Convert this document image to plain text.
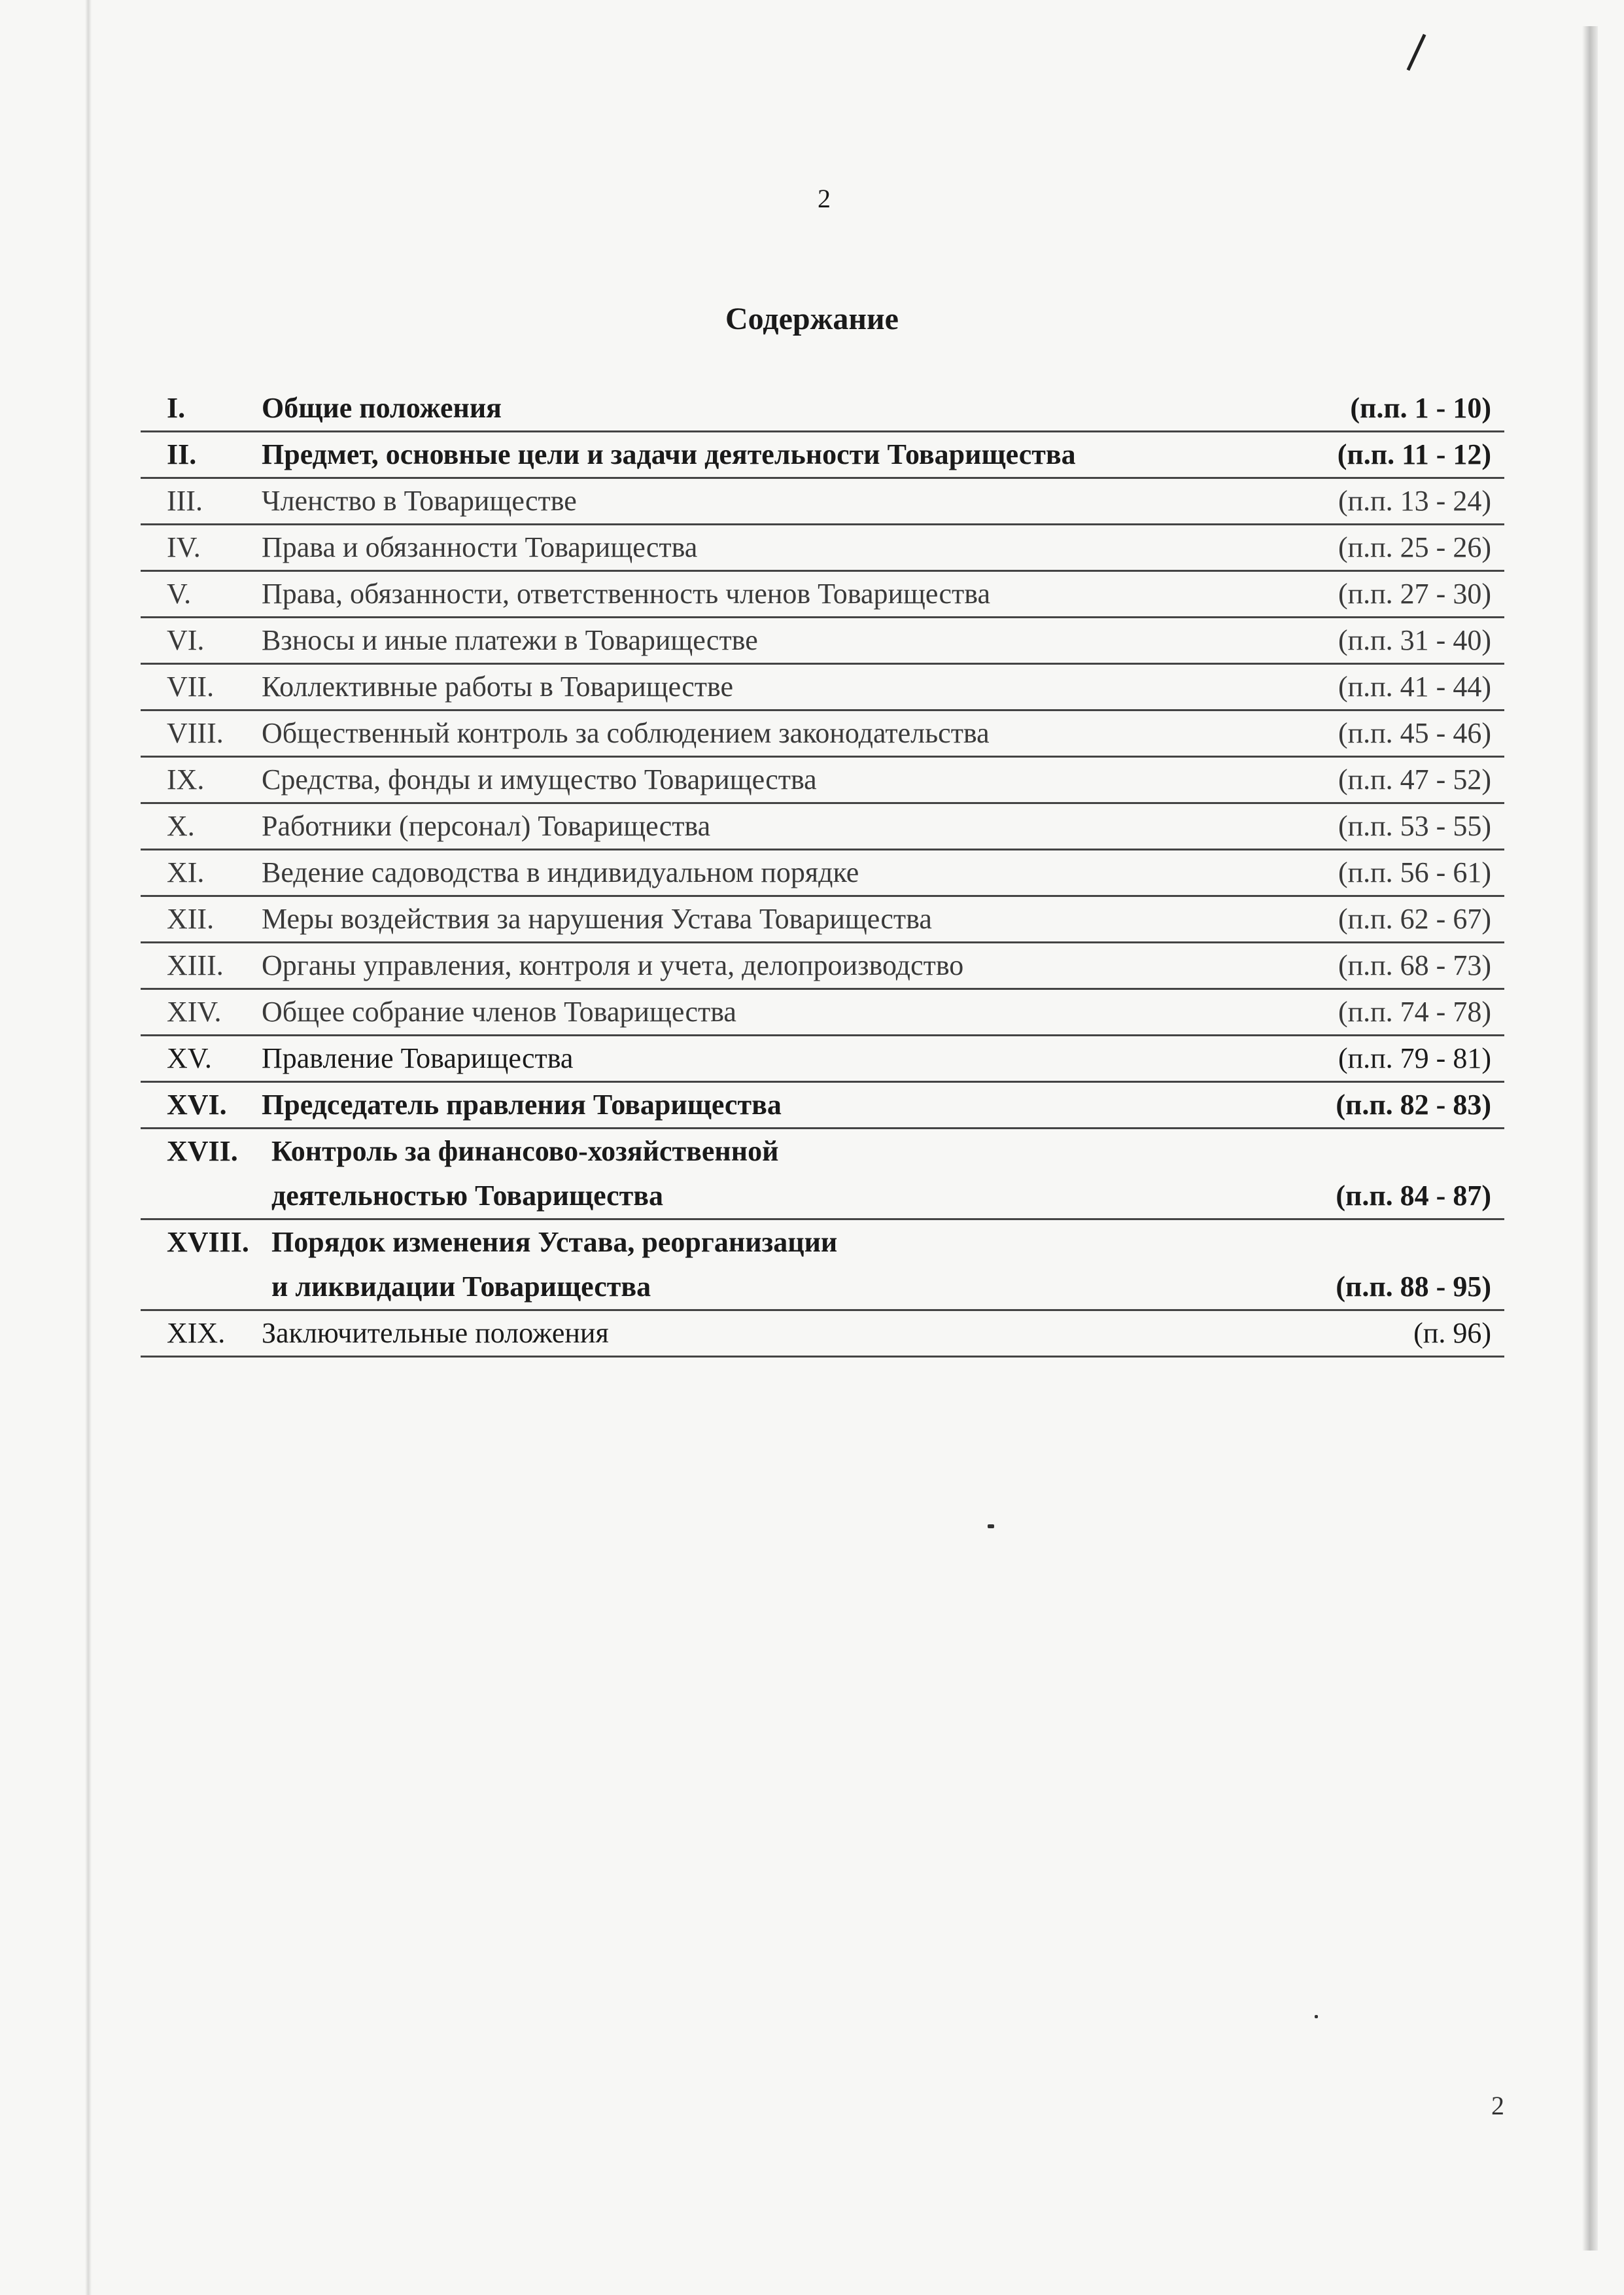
2
Содержание
I.	Общие положения	(п.п. 1 - 10)
II. Предмет, основные цели и задачи деятельности Товарищества	(п.п. 11 - 12)
III. Членство в Товариществе	(п.п. 13 - 24)
IV. Права и обязанности Товарищества	(п.п. 25 - 26)
V. Права, обязанности, ответственность членов Товарищества	(п.п. 27 - 30)
VI. Взносы и иные платежи в Товариществе	(п.п. 31 - 40)
VII. Коллективные работы в Товариществе	(п.п. 41 - 44)
VIII. Общественный контроль за соблюдением законодательства	(п.п. 45 - 46)
IX. Средства, фонды и имущество Товарищества	(п.п. 47 - 52)
X. Работники (персонал) Товарищества	(п.п. 53 - 55)
XI. Ведение садоводства в индивидуальном порядке	(п.п. 56 - 61)
XII. Меры воздействия за нарушения Устава Товарищества	(п.п. 62 - 67)
XIII. Органы управления, контроля и учета, делопроизводство	(п.п. 68 - 73)
XIV. Общее собрание членов Товарищества	(п.п. 74 - 78)
XV. Правление Товарищества	(п.п. 79 - 81)
XVI. Председатель правления Товарищества	(п.п. 82 - 83)
XVII. Контроль за финансово-хозяйственной
деятельностью Товарищества	(п.п. 84 - 87)
XVIII. Порядок изменения Устава, реорганизации
и ликвидации Товарищества	(п.п. 88 - 95)
XIX. Заключительные положения	(п. 96)
2
